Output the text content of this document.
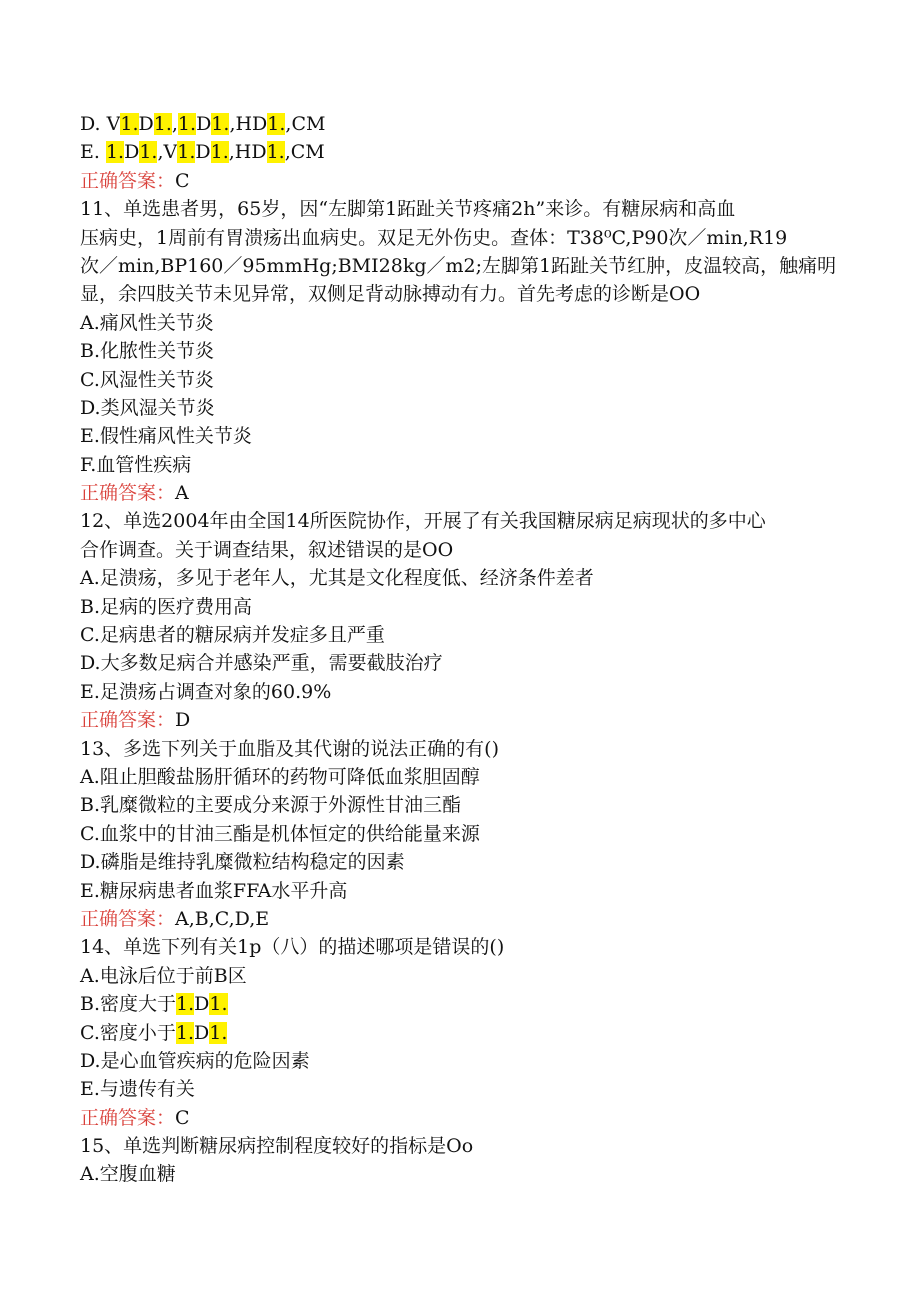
D. V1.D1.,1.D1.,HD1.,CM
E. 1.D1.,V1.D1.,HD1.,CM
正确答案：C
11、单选患者男，65岁，因“左脚第1跖趾关节疼痛2h”来诊。有糖尿病和高血
压病史，1周前有胃溃疡出血病史。双足无外伤史。查体：T38⁰C,P90次／min,R19
次／min,BP160／95mmHg;BMI28kg／m2;左脚第1跖趾关节红肿，皮温较高，触痛明
显，余四肢关节未见异常，双侧足背动脉搏动有力。首先考虑的诊断是OO
A.痛风性关节炎
B.化脓性关节炎
C.风湿性关节炎
D.类风湿关节炎
E.假性痛风性关节炎
F.血管性疾病
正确答案：A
12、单选2004年由全国14所医院协作，开展了有关我国糖尿病足病现状的多中心
合作调查。关于调查结果，叙述错误的是OO
A.足溃疡，多见于老年人，尤其是文化程度低、经济条件差者
B.足病的医疗费用高
C.足病患者的糖尿病并发症多且严重
D.大多数足病合并感染严重，需要截肢治疗
E.足溃疡占调查对象的60.9%
正确答案：D
13、多选下列关于血脂及其代谢的说法正确的有()
A.阻止胆酸盐肠肝循环的药物可降低血浆胆固醇
B.乳糜微粒的主要成分来源于外源性甘油三酯
C.血浆中的甘油三酯是机体恒定的供给能量来源
D.磷脂是维持乳糜微粒结构稳定的因素
E.糖尿病患者血浆FFA水平升高
正确答案：A,B,C,D,E
14、单选下列有关1p（八）的描述哪项是错误的()
A.电泳后位于前B区
B.密度大于1.D1.
C.密度小于1.D1.
D.是心血管疾病的危险因素
E.与遗传有关
正确答案：C
15、单选判断糖尿病控制程度较好的指标是Oo
A.空腹血糖
